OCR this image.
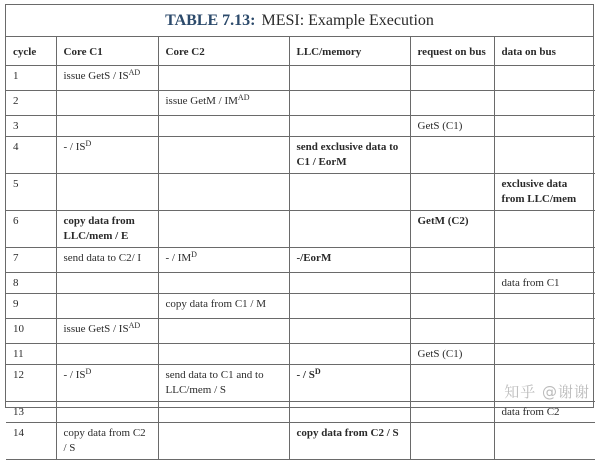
TABLE 7.13: MESI: Example Execution
cycle	Core C1	Core C2	LLC/memory	request on bus	data on bus
1	issue GetS / $IS^{AD}$				
2		issue GetM / $IM^{AD}$			
3				GetS (C1)	
4	- / $IS^D$		send exclusive data to C1 / EorM		
5					exclusive data from LLC/mem
6	copy data from LLC/mem / E			GetM (C2)	
7	send data to C2/ I	- / $IM^D$	-/EorM		
8					data from C1
9		copy data from C1 / M			
10	issue GetS / $IS^{AD}$				
11				GetS (C1)	
12	- / $IS^D$	send data to C1 and to LLC/mem / S	- / $S^D$		
13					data from C2
14	copy data from C2 / S		copy data from C2 / S		
知乎 @谢谢
